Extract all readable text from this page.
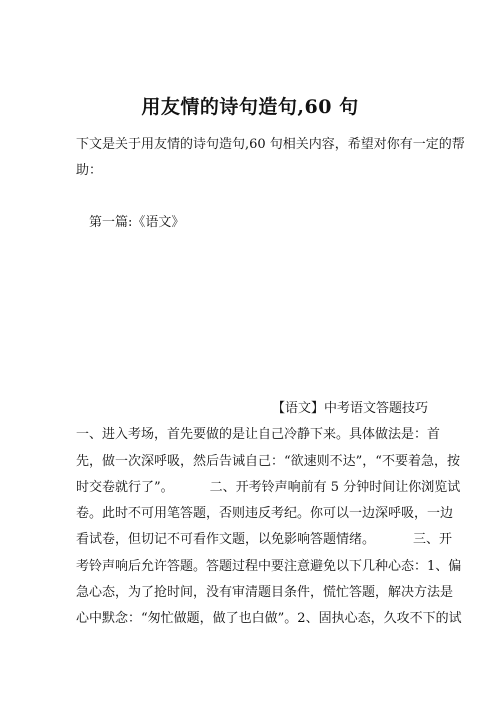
用友情的诗句造句,60 句
下文是关于用友情的诗句造句,60 句相关内容，希望对你有一定的帮
助：
第一篇:《语文》
【语文】中考语文答题技巧
一、进入考场，首先要做的是让自己冷静下来。具体做法是：首
先，做一次深呼吸，然后告诫自己：“欲速则不达”，“不要着急，按
时交卷就行了”。	二、开考铃声响前有 5 分钟时间让你浏览试
卷。此时不可用笔答题，否则违反考纪。你可以一边深呼吸，一边
看试卷，但切记不可看作文题，以免影响答题情绪。	三、开
考铃声响后允许答题。答题过程中要注意避免以下几种心态：1、偏
急心态，为了抢时间，没有审清题目条件，慌忙答题，解决方法是
心中默念：“匆忙做题，做了也白做”。2、固执心态，久攻不下的试
